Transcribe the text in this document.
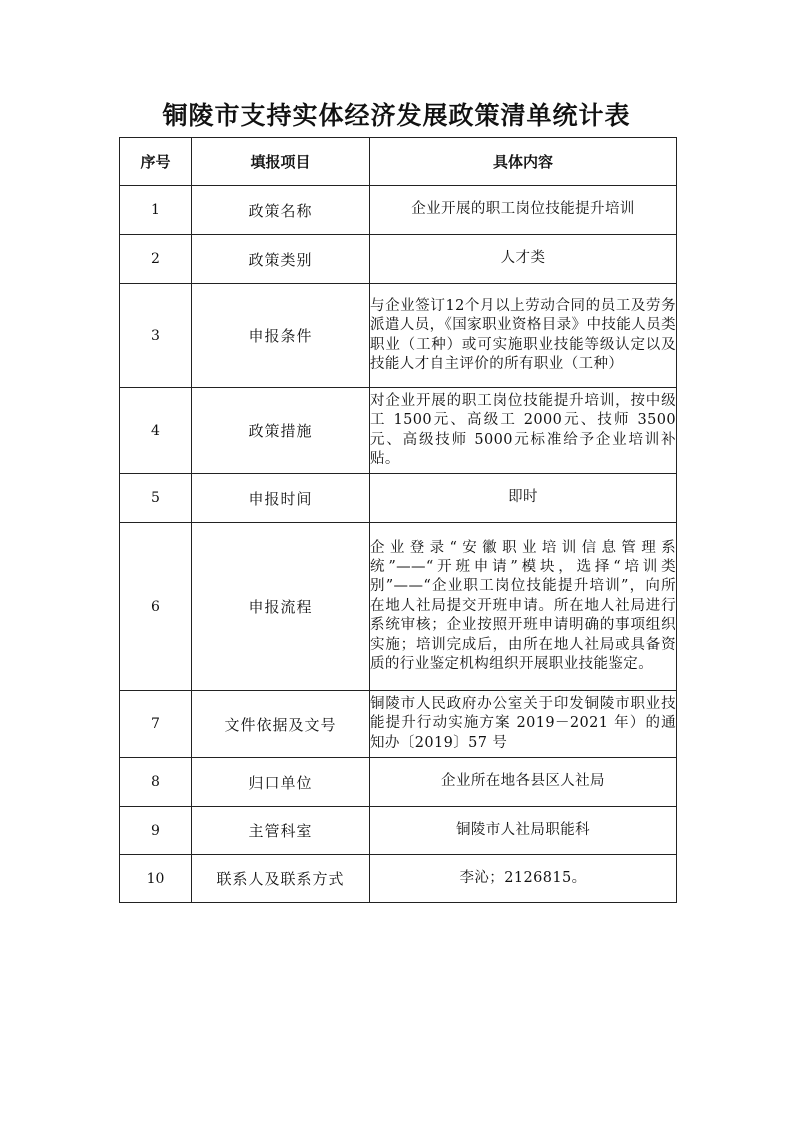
铜陵市支持实体经济发展政策清单统计表
序号	填报项目	具体内容
1	政策名称	企业开展的职工岗位技能提升培训
2	政策类别	人才类
3	申报条件	与企业签订12个月以上劳动合同的员工及劳务派遣人员，《国家职业资格目录》中技能人员类职业（工种）或可实施职业技能等级认定以及技能人才自主评价的所有职业（工种）
4	政策措施	对企业开展的职工岗位技能提升培训，按中级工 1500元、高级工 2000元、技师 3500元、高级技师 5000元标准给予企业培训补贴。
5	申报时间	即时
6	申报流程	企业登录“安徽职业培训信息管理系统”——“开班申请”模块，选择“培训类别”——“企业职工岗位技能提升培训”，向所在地人社局提交开班申请。所在地人社局进行系统审核；企业按照开班申请明确的事项组织实施；培训完成后，由所在地人社局或具备资质的行业鉴定机构组织开展职业技能鉴定。
7	文件依据及文号	铜陵市人民政府办公室关于印发铜陵市职业技能提升行动实施方案 2019－2021 年）的通知办〔2019〕57 号
8	归口单位	企业所在地各县区人社局
9	主管科室	铜陵市人社局职能科
10	联系人及联系方式	李沁；2126815。
